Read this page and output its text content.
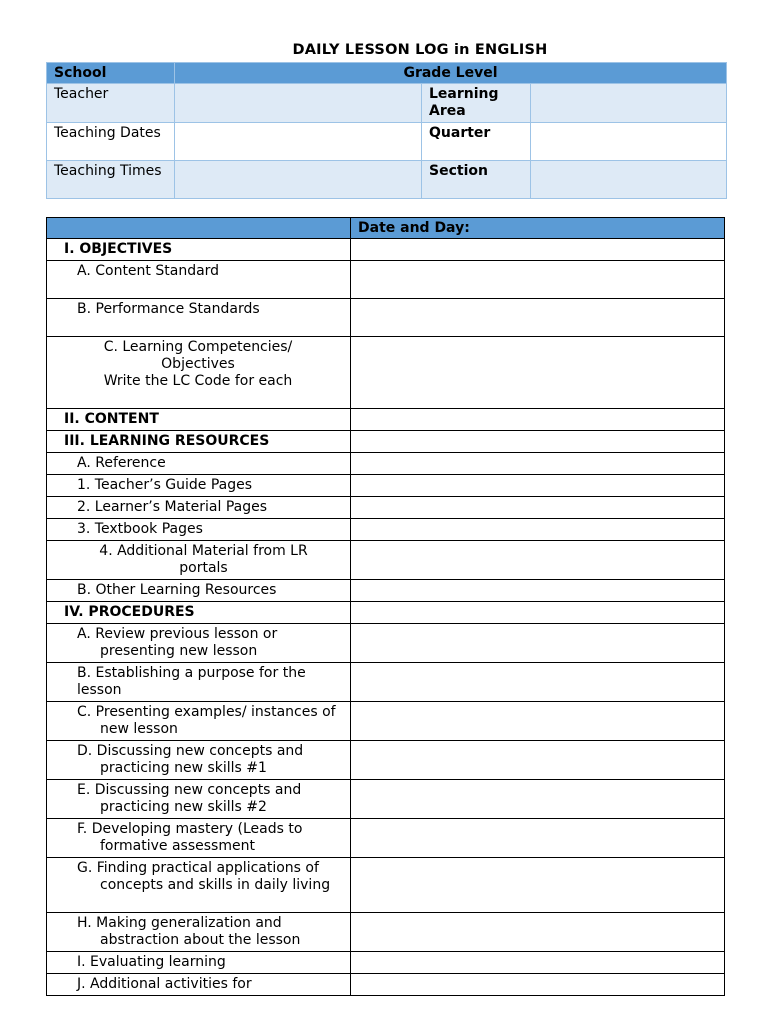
DAILY LESSON LOG in ENGLISH
School	Grade Level		
Teacher		Learning Area	
Teaching Dates		Quarter	
Teaching Times		Section	
	Date and Day:
I. OBJECTIVES	
A. Content Standard	
B. Performance Standards	

C. Learning Competencies/ Objectives
Write the LC Code for each	

II. CONTENT	
III. LEARNING RESOURCES	
A. Reference	
1. Teacher’s Guide Pages	
2. Learner’s Material Pages	
3. Textbook Pages	
4. Additional Material from LR portals	
B. Other Learning Resources	
IV. PROCEDURES	
A. Review previous lesson or presenting new lesson	
B. Establishing a purpose for the lesson	
C. Presenting examples/ instances of new lesson	
D. Discussing new concepts and practicing new skills #1	
E. Discussing new concepts and practicing new skills #2	
F. Developing mastery (Leads to formative assessment	
G. Finding practical applications of concepts and skills in daily living	
H. Making generalization and abstraction about the lesson	
I. Evaluating learning	
J. Additional activities for	
